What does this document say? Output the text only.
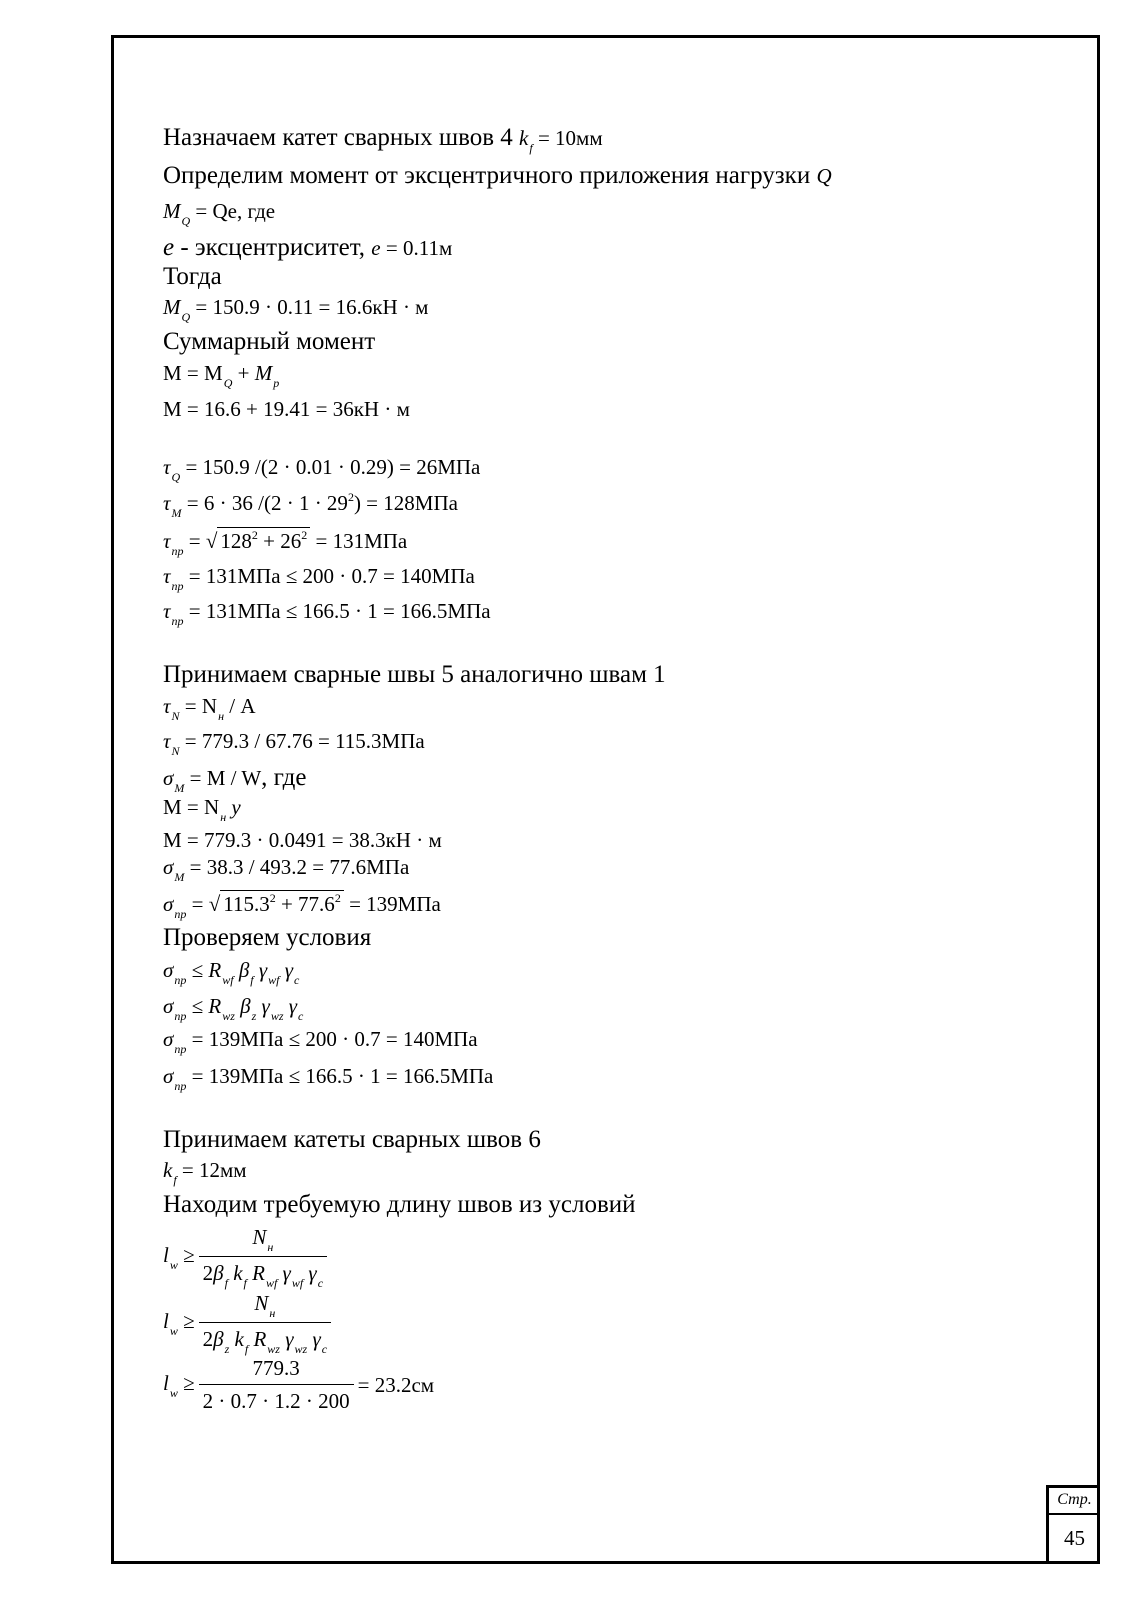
Назначаем катет сварных швов 4 $k_f = 10мм$
Определим момент от эксцентричного приложения нагрузки Q
$M_Q = Qe$, где
e - эксцентриситет, e = 0.11м
Тогда
$M_Q = 150.9 \cdot 0.11 = 16.6кН \cdot м$
Суммарный момент
$M = M_Q + M_p$
M = 16.6 + 19.41 = 36кН · м
$\tau_Q = 150.9$ /(2 · 0.01 · 0.29) = 26МПа
$\tau_M = 6 \cdot 36$ $/(2 \cdot 1 \cdot 29^2) = 128МПа$
$\tau_{пр}$ = √ $128^2 + 26^2 = 131МПа$
$\tau_{пр} = 131МПа \le 200 \cdot 0.7 = 140МПа$
$\tau_{пр} = 131МПа \le 166.5 \cdot 1 = 166.5МПа$
Принимаем сварные швы 5 аналогично швам 1
$\tau_N = N_н / A$
$\tau_N = 779.3 / 67.76 = 115.3МПа$
$\sigma_M = M / W$, где
$M = N_н$ y
M = 779.3 · 0.0491 = 38.3кН · м
$\sigma_M = 38.3 / 493.2 = 77.6МПа$
$\sigma_{пр}$ = √ $115.3^2 + 77.6^2 = 139МПа$
Проверяем условия
$\sigma_{пр} \le R_{wf}$ $\beta_f$ $\gamma_{wf}$ $\gamma_c$
$\sigma_{пр} \le R_{wz}$ $\beta_z$ $\gamma_{wz}$ $\gamma_c$
$\sigma_{пр} = 139МПа \le 200 \cdot 0.7 = 140МПа$
$\sigma_{пр} = 139МПа \le 166.5 \cdot 1 = 166.5МПа$
Принимаем катеты сварных швов 6
$k_f = 12мм$
Находим требуемую длину швов из условий
$l_w \ge \frac{N_н}{2\beta_f k_f R_{wf} \gamma_{wf} \gamma_c}$
$l_w \ge \frac{N_н}{2\beta_z k_f R_{wz} \gamma_{wz} \gamma_c}$
$l_w \ge \frac{779.3}{2 \cdot 0.7 \cdot 1.2 \cdot 200} = 23.2см$
Стр.
45
